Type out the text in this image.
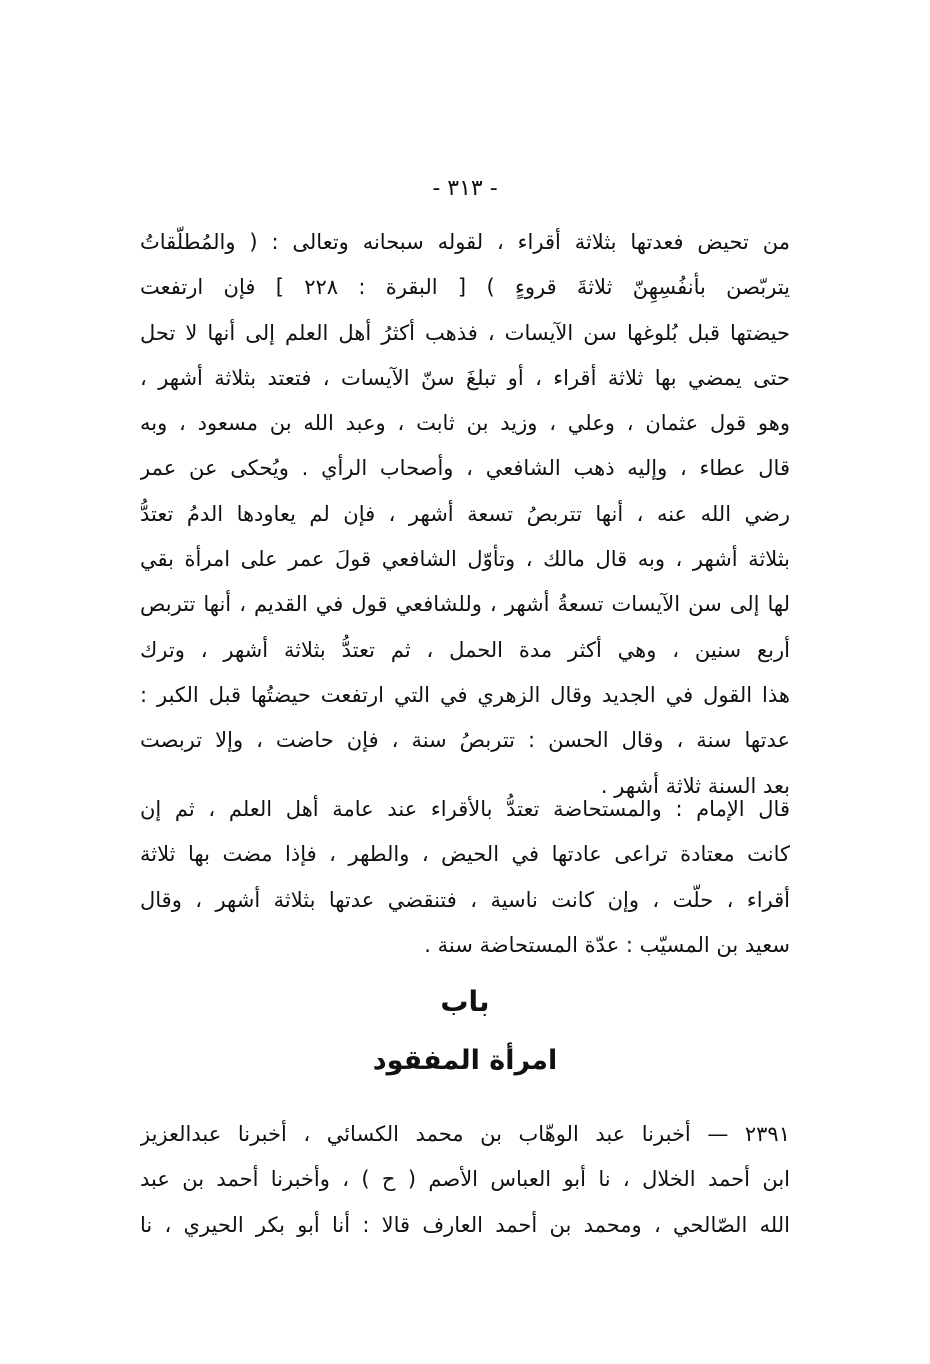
- ٣١٣ -
من تحيض فعدتها بثلاثة أقراء ، لقوله سبحانه وتعالى : ( والمُطلّقاتُ
يتربّصن بأنفُسِهِنّ ثلاثةَ قروءٍ ) [ البقرة : ٢٢٨ ] فإن ارتفعت
حيضتها قبل بُلوغها سن الآيسات ، فذهب أكثرُ أهل العلم إلى أنها لا تحل
حتى يمضي بها ثلاثة أقراء ، أو تبلغَ سنّ الآيسات ، فتعتد بثلاثة أشهر ،
وهو قول عثمان ، وعلي ، وزيد بن ثابت ، وعبد الله بن مسعود ، وبه
قال عطاء ، وإليه ذهب الشافعي ، وأصحاب الرأي . ويُحكى عن عمر
رضي الله عنه ، أنها تتربصُ تسعة أشهر ، فإن لم يعاودها الدمُ تعتدُّ
بثلاثة أشهر ، وبه قال مالك ، وتأوّل الشافعي قولَ عمر على امرأة بقي
لها إلى سن الآيسات تسعةُ أشهر ، وللشافعي قول في القديم ، أنها تتربص
أربع سنين ، وهي أكثر مدة الحمل ، ثم تعتدُّ بثلاثة أشهر ، وترك
هذا القول في الجديد وقال الزهري في التي ارتفعت حيضتُها قبل الكبر :
عدتها سنة ، وقال الحسن : تتربصُ سنة ، فإن حاضت ، وإلا تربصت
بعد السنة ثلاثة أشهر .
قال الإمام : والمستحاضة تعتدُّ بالأقراء عند عامة أهل العلم ، ثم إن
كانت معتادة تراعى عادتها في الحيض ، والطهر ، فإذا مضت بها ثلاثة
أقراء ، حلّت ، وإن كانت ناسية ، فتنقضي عدتها بثلاثة أشهر ، وقال
سعيد بن المسيّب : عدّة المستحاضة سنة .
باب
امرأة المفقود
٢٣٩١ — أخبرنا عبد الوهّاب بن محمد الكسائي ، أخبرنا عبدالعزيز
ابن أحمد الخلال ، نا أبو العباس الأصم ( ح ) ، وأخبرنا أحمد بن عبد
الله الصّالحي ، ومحمد بن أحمد العارف قالا : أنا أبو بكر الحيري ، نا
